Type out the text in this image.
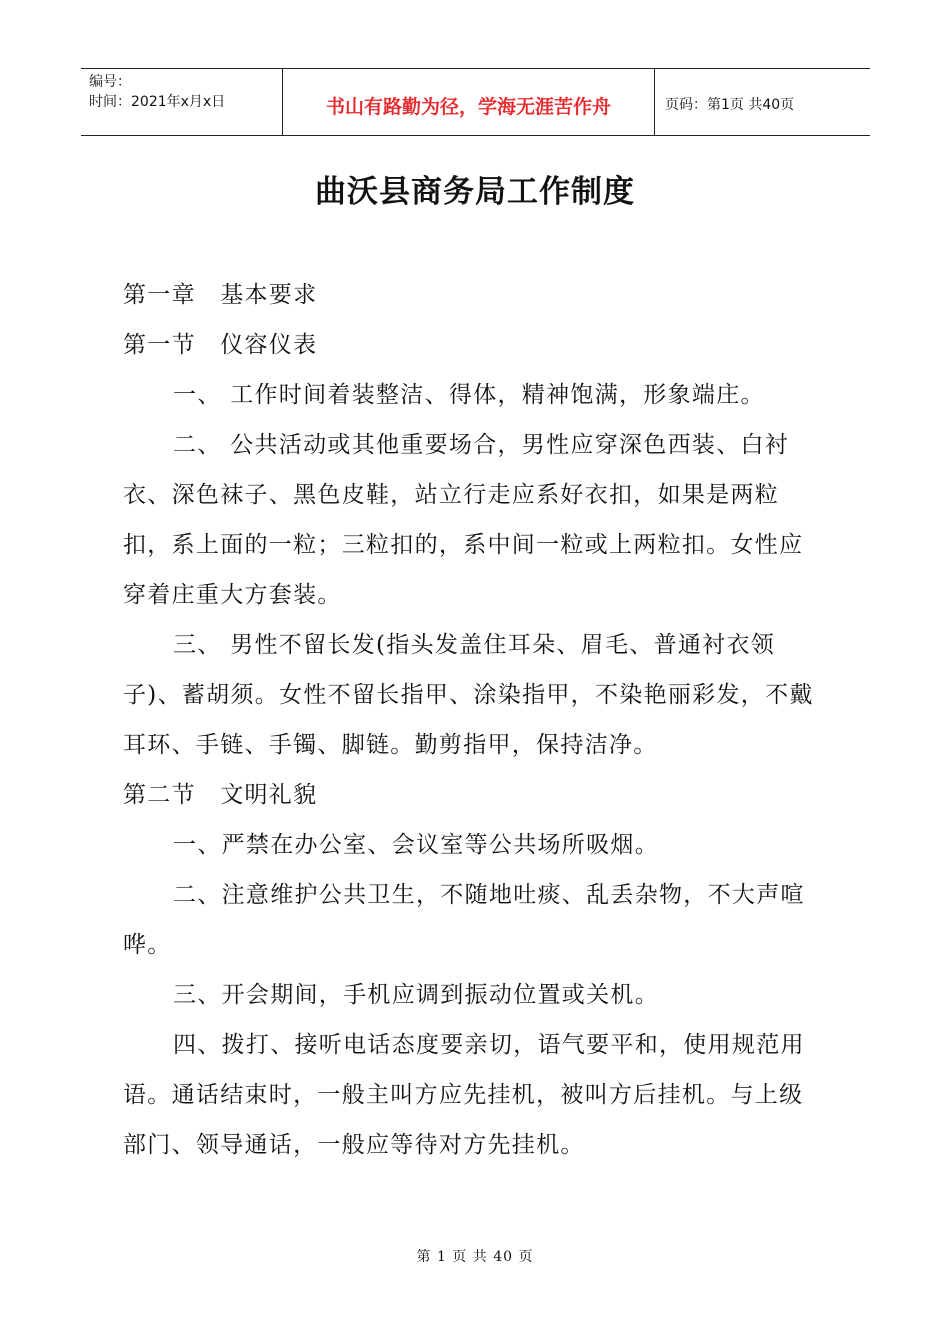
编号：
时间：2021年x月x日	书山有路勤为径，学海无涯苦作舟	页码：第1页 共40页
曲沃县商务局工作制度

第一章　基本要求

第一节　仪容仪表

一、 工作时间着装整洁、得体，精神饱满，形象端庄。

二、 公共活动或其他重要场合，男性应穿深色西装、白衬衣、深色袜子、黑色皮鞋，站立行走应系好衣扣，如果是两粒扣，系上面的一粒；三粒扣的，系中间一粒或上两粒扣。女性应穿着庄重大方套装。

三、 男性不留长发(指头发盖住耳朵、眉毛、普通衬衣领子)、蓄胡须。女性不留长指甲、涂染指甲，不染艳丽彩发，不戴耳环、手链、手镯、脚链。勤剪指甲，保持洁净。

第二节　文明礼貌

一、严禁在办公室、会议室等公共场所吸烟。

二、注意维护公共卫生，不随地吐痰、乱丢杂物，不大声喧哗。

三、开会期间，手机应调到振动位置或关机。

四、拨打、接听电话态度要亲切，语气要平和，使用规范用语。通话结束时，一般主叫方应先挂机，被叫方后挂机。与上级部门、领导通话，一般应等待对方先挂机。

第 1 页 共 40 页
